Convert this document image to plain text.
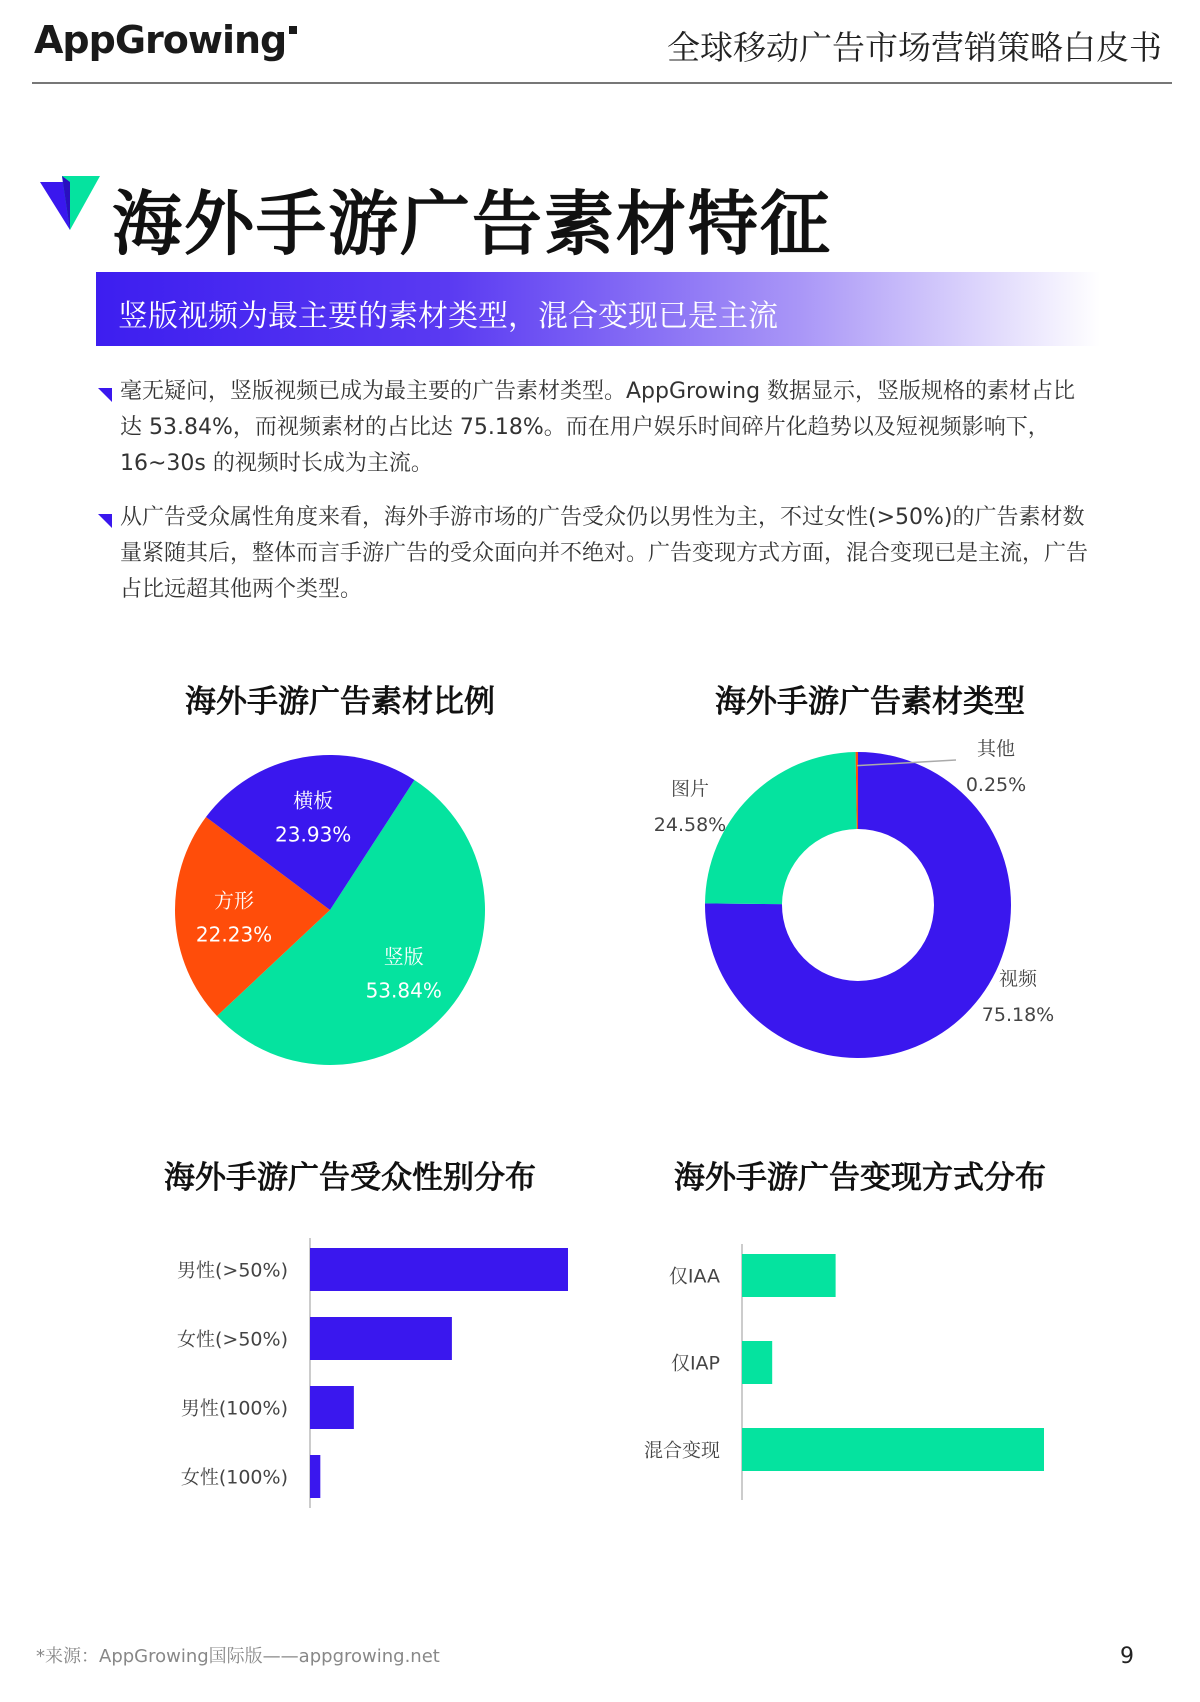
AppGrowing	全球移动广告市场营销策略白皮书
海外手游广告素材特征
竖版视频为最主要的素材类型，混合变现已是主流
毫无疑问，竖版视频已成为最主要的广告素材类型。AppGrowing 数据显示，竖版规格的素材占比达 53.84%，而视频素材的占比达 75.18%。而在用户娱乐时间碎片化趋势以及短视频影响下，16~30s 的视频时长成为主流。
从广告受众属性角度来看，海外手游市场的广告受众仍以男性为主，不过女性(>50%)的广告素材数量紧随其后，整体而言手游广告的受众面向并不绝对。广告变现方式方面，混合变现已是主流，广告占比远超其他两个类型。
海外手游广告素材比例	海外手游广告素材类型
海外手游广告受众性别分布	海外手游广告变现方式分布
竖版
53.84%
方形
22.23%
横板
23.93%
视频
75.18%
图片
24.58%
其他
0.25%
男性(>50%)
女性(>50%)
男性(100%)
女性(100%)
仅IAA
仅IAP
混合变现
*来源：AppGrowing国际版——appgrowing.net	9
